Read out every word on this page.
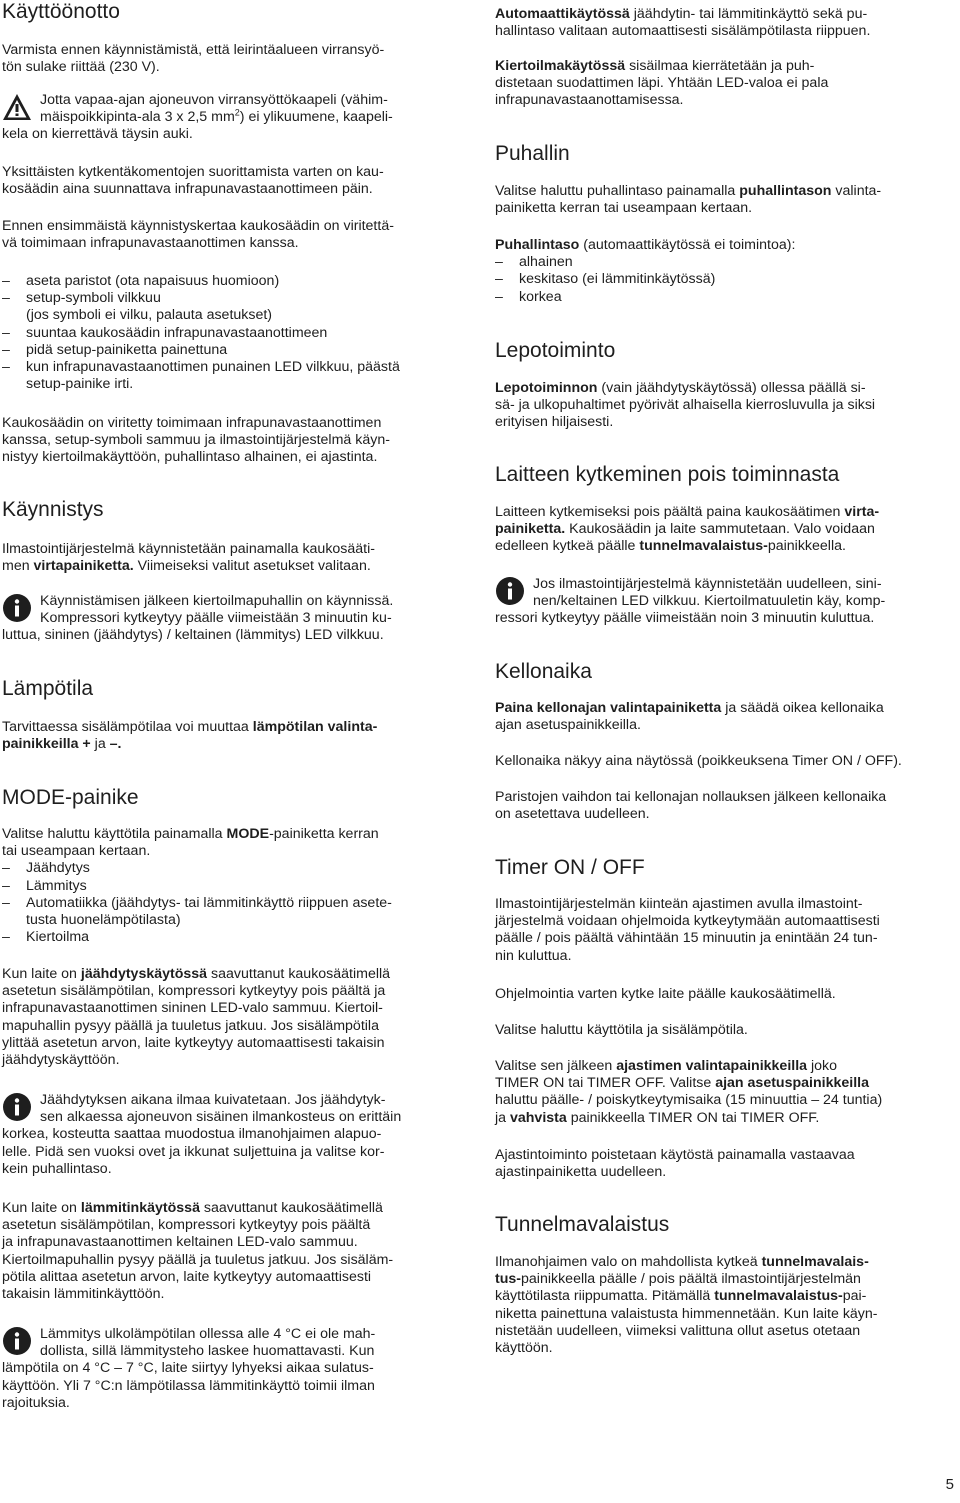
Käyttöönotto

Varmista ennen käynnistämistä, että leirintäalueen virransyö-
tön sulake riittää (230 V).

Jotta vapaa-ajan ajoneuvon virransyöttökaapeli (vähim-
mäispoikkipinta-ala 3 x 2,5 $mm^2$) ei ylikuumene, kaapeli-
kela on kierrettävä täysin auki.

Yksittäisten kytkentäkomentojen suorittamista varten on kau-
kosäädin aina suunnattava infrapunavastaanottimeen päin.

Ennen ensimmäistä käynnistyskertaa kaukosäädin on viritettä-
vä toimimaan infrapunavastaanottimen kanssa.

– aseta paristot (ota napaisuus huomioon)
– setup-symboli vilkkuu
(jos symboli ei vilku, palauta asetukset)
– suuntaa kaukosäädin infrapunavastaanottimeen
– pidä setup-painiketta painettuna
– kun infrapunavastaanottimen punainen LED vilkkuu, päästä
setup-painike irti.

Kaukosäädin on viritetty toimimaan infrapunavastaanottimen
kanssa, setup-symboli sammuu ja ilmastointijärjestelmä käyn-
nistyy kiertoilmakäyttöön, puhallintaso alhainen, ei ajastinta.

Käynnistys

Ilmastointijärjestelmä käynnistetään painamalla kaukosääti-
men virtapainiketta. Viimeiseksi valitut asetukset valitaan.

Käynnistämisen jälkeen kiertoilmapuhallin on käynnissä.
Kompressori kytkeytyy päälle viimeistään 3 minuutin ku-
luttua, sininen (jäähdytys) / keltainen (lämmitys) LED vilkkuu.

Lämpötila

Tarvittaessa sisälämpötilaa voi muuttaa lämpötilan valinta-
painikkeilla + ja –.

MODE-painike

Valitse haluttu käyttötila painamalla MODE-painiketta kerran
tai useampaan kertaan.
– Jäähdytys
– Lämmitys
– Automatiikka (jäähdytys- tai lämmitinkäyttö riippuen asete-
tusta huonelämpötilasta)
– Kiertoilma

Kun laite on jäähdytyskäytössä saavuttanut kaukosäätimellä
asetetun sisälämpötilan, kompressori kytkeytyy pois päältä ja
infrapunavastaanottimen sininen LED-valo sammuu. Kiertoil-
mapuhallin pysyy päällä ja tuuletus jatkuu. Jos sisälämpötila
ylittää asetetun arvon, laite kytkeytyy automaattisesti takaisin
jäähdytyskäyttöön.

Jäähdytyksen aikana ilmaa kuivatetaan. Jos jäähdytyk-
sen alkaessa ajoneuvon sisäinen ilmankosteus on erittäin
korkea, kosteutta saattaa muodostua ilmanohjaimen alapuo-
lelle. Pidä sen vuoksi ovet ja ikkunat suljettuina ja valitse kor-
kein puhallintaso.

Kun laite on lämmitinkäytössä saavuttanut kaukosäätimellä
asetetun sisälämpötilan, kompressori kytkeytyy pois päältä
ja infrapunavastaanottimen keltainen LED-valo sammuu.
Kiertoilmapuhallin pysyy päällä ja tuuletus jatkuu. Jos sisäläm-
pötila alittaa asetetun arvon, laite kytkeytyy automaattisesti
takaisin lämmitinkäyttöön.

Lämmitys ulkolämpötilan ollessa alle 4 °C ei ole mah-
dollista, sillä lämmitysteho laskee huomattavasti. Kun
lämpötila on 4 °C – 7 °C, laite siirtyy lyhyeksi aikaa sulatus-
käyttöön. Yli 7 °C:n lämpötilassa lämmitinkäyttö toimii ilman
rajoituksia.

Automaattikäytössä jäähdytin- tai lämmitinkäyttö sekä pu-
hallintaso valitaan automaattisesti sisälämpötilasta riippuen.

Kiertoilmakäytössä sisäilmaa kierrätetään ja puh-
distetaan suodattimen läpi. Yhtään LED-valoa ei pala
infrapunavastaanottamisessa.

Puhallin

Valitse haluttu puhallintaso painamalla puhallintason valinta-
painiketta kerran tai useampaan kertaan.

Puhallintaso (automaattikäytössä ei toimintoa):
– alhainen
– keskitaso (ei lämmitinkäytössä)
– korkea

Lepotoiminto

Lepotoiminnon (vain jäähdytyskäytössä) ollessa päällä si-
sä- ja ulkopuhaltimet pyörivät alhaisella kierrosluvulla ja siksi
erityisen hiljaisesti.

Laitteen kytkeminen pois toiminnasta

Laitteen kytkemiseksi pois päältä paina kaukosäätimen virta-
painiketta. Kaukosäädin ja laite sammutetaan. Valo voidaan
edelleen kytkeä päälle tunnelmavalaistus-painikkeella.

Jos ilmastointijärjestelmä käynnistetään uudelleen, sini-
nen/keltainen LED vilkkuu. Kiertoilmatuuletin käy, komp-
ressori kytkeytyy päälle viimeistään noin 3 minuutin kuluttua.

Kellonaika

Paina kellonajan valintapainiketta ja säädä oikea kellonaika
ajan asetuspainikkeilla.

Kellonaika näkyy aina näytössä (poikkeuksena Timer ON / OFF).

Paristojen vaihdon tai kellonajan nollauksen jälkeen kellonaika
on asetettava uudelleen.

Timer ON / OFF

Ilmastointijärjestelmän kiinteän ajastimen avulla ilmastoint-
järjestelmä voidaan ohjelmoida kytkeytymään automaattisesti
päälle / pois päältä vähintään 15 minuutin ja enintään 24 tun-
nin kuluttua.

Ohjelmointia varten kytke laite päälle kaukosäätimellä.

Valitse haluttu käyttötila ja sisälämpötila.

Valitse sen jälkeen ajastimen valintapainikkeilla joko
TIMER ON tai TIMER OFF. Valitse ajan asetuspainikkeilla
haluttu päälle- / poiskytkeytymisaika (15 minuuttia – 24 tuntia)
ja vahvista painikkeella TIMER ON tai TIMER OFF.

Ajastintoiminto poistetaan käytöstä painamalla vastaavaa
ajastinpainiketta uudelleen.

Tunnelmavalaistus

Ilmanohjaimen valo on mahdollista kytkeä tunnelmavalais-
tus-painikkeella päälle / pois päältä ilmastointijärjestelmän
käyttötilasta riippumatta. Pitämällä tunnelmavalaistus-pai-
niketta painettuna valaistusta himmennetään. Kun laite käyn-
nistetään uudelleen, viimeksi valittuna ollut asetus otetaan
käyttöön.

5
